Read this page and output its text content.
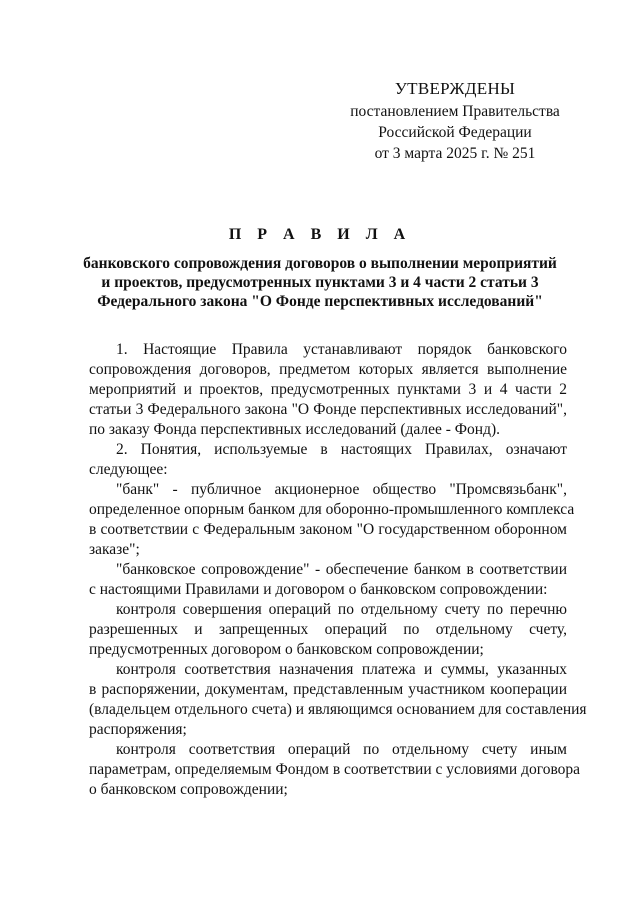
УТВЕРЖДЕНЫ
постановлением Правительства
Российской Федерации
от 3 марта 2025 г. № 251
П Р А В И Л А
банковского сопровождения договоров о выполнении мероприятий
и проектов, предусмотренных пунктами 3 и 4 части 2 статьи 3
Федерального закона "О Фонде перспективных исследований"
1. Настоящие Правила устанавливают порядок банковского
сопровождения договоров, предметом которых является выполнение
мероприятий и проектов, предусмотренных пунктами 3 и 4 части 2
статьи 3 Федерального закона "О Фонде перспективных исследований",
по заказу Фонда перспективных исследований (далее - Фонд).
2. Понятия, используемые в настоящих Правилах, означают
следующее:
"банк" - публичное акционерное общество "Промсвязьбанк",
определенное опорным банком для оборонно-промышленного комплекса
в соответствии с Федеральным законом "О государственном оборонном
заказе";
"банковское сопровождение" - обеспечение банком в соответствии
с настоящими Правилами и договором о банковском сопровождении:
контроля совершения операций по отдельному счету по перечню
разрешенных и запрещенных операций по отдельному счету,
предусмотренных договором о банковском сопровождении;
контроля соответствия назначения платежа и суммы, указанных
в распоряжении, документам, представленным участником кооперации
(владельцем отдельного счета) и являющимся основанием для составления
распоряжения;
контроля соответствия операций по отдельному счету иным
параметрам, определяемым Фондом в соответствии с условиями договора
о банковском сопровождении;
